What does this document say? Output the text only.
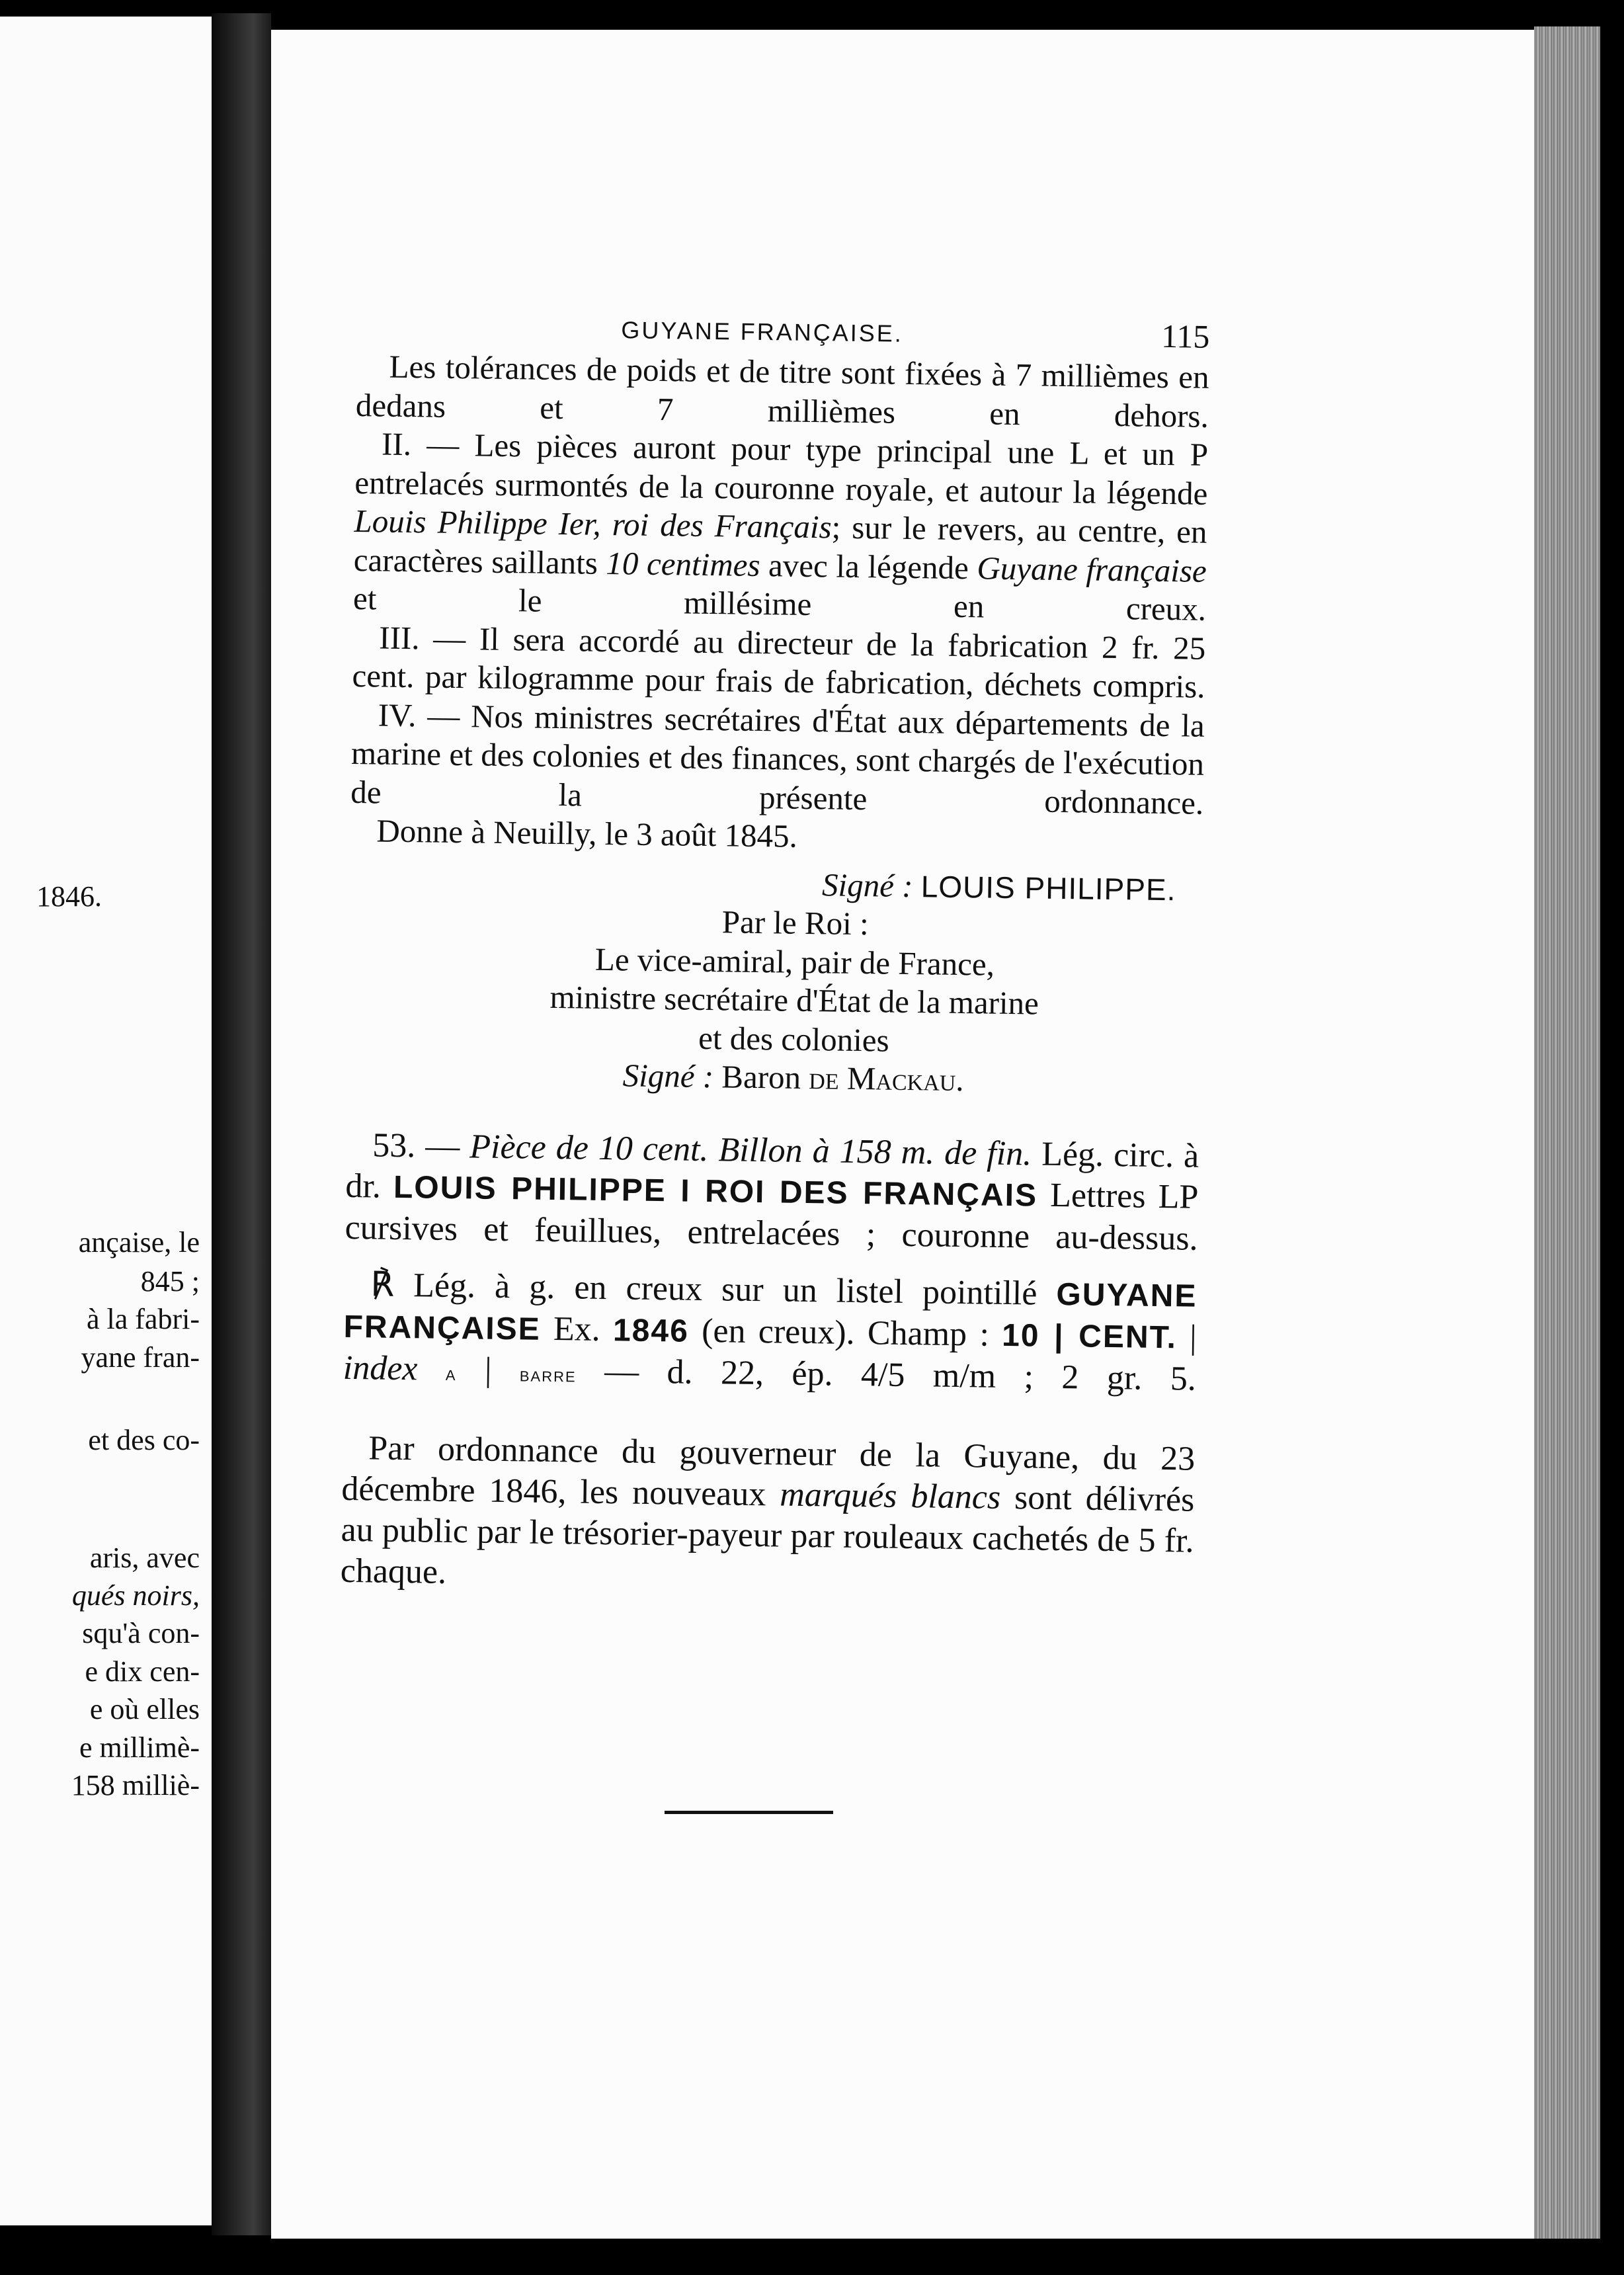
1846.
ançaise, le
845 ;
à la fabri-
yane fran-
et des co-
aris, avec
qués noirs,
squ'à con-
e dix cen-
e où elles
e millimè-
158 milliè-
GUYANE FRANÇAISE.	115
Les tolérances de poids et de titre sont fixées à 7 millièmes en dedans et 7 millièmes en dehors.
II. — Les pièces auront pour type principal une L et un P entrelacés surmontés de la couronne royale, et autour la légende Louis Philippe Ier, roi des Français; sur le revers, au centre, en caractères saillants 10 centimes avec la légende Guyane française et le millésime en creux.
III. — Il sera accordé au directeur de la fabrication 2 fr. 25 cent. par kilogramme pour frais de fabrication, déchets compris.
IV. — Nos ministres secrétaires d'État aux départements de la marine et des colonies et des finances, sont chargés de l'exécution de la présente ordonnance.
Donne à Neuilly, le 3 août 1845.
Signé : LOUIS PHILIPPE.
Par le Roi :
Le vice-amiral, pair de France,
ministre secrétaire d'État de la marine
et des colonies
Signé : Baron de Mackau.
53. — Pièce de 10 cent. Billon à 158 m. de fin. Lég. circ. à dr. LOUIS PHILIPPE I ROI DES FRANÇAIS Lettres LP cursives et feuillues, entrelacées ; couronne au-dessus.
℟ Lég. à g. en creux sur un listel pointillé GUYANE FRANÇAISE Ex. 1846 (en creux). Champ : 10 | CENT. | index A | BARRE — d. 22, ép. 4/5 m/m ; 2 gr. 5.
Par ordonnance du gouverneur de la Guyane, du 23 décembre 1846, les nouveaux marqués blancs sont délivrés au public par le trésorier-payeur par rouleaux cachetés de 5 fr. chaque.
